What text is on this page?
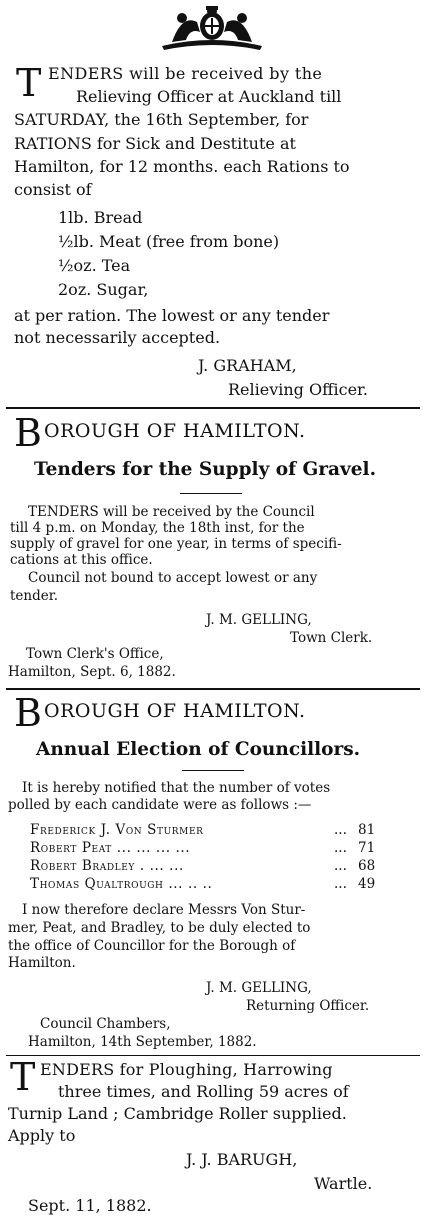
T ENDERS will be received by the
Relieving Officer at Auckland till
SATURDAY, the 16th September, for
RATIONS for Sick and Destitute at
Hamilton, for 12 months. each Rations to
consist of
1lb. Bread
½lb. Meat (free from bone)
½oz. Tea
2oz. Sugar,
at per ration. The lowest or any tender
not necessarily accepted.
J. GRAHAM,
Relieving Officer.
B OROUGH OF HAMILTON.
Tenders for the Supply of Gravel.
TENDERS will be received by the Council
till 4 p.m. on Monday, the 18th inst, for the
supply of gravel for one year, in terms of specifi-
cations at this office.
Council not bound to accept lowest or any
tender.
J. M. GELLING,
Town Clerk.
Town Clerk's Office,
Hamilton, Sept. 6, 1882.
B OROUGH OF HAMILTON.
Annual Election of Councillors.
It is hereby notified that the number of votes
polled by each candidate were as follows :—
Frederick J. Von Sturmer	... 81
Robert Peat ... ... ... ...	... 71
Robert Bradley . ... ...	... 68
Thomas Qualtrough ... .. ..	... 49
I now therefore declare Messrs Von Stur-
mer, Peat, and Bradley, to be duly elected to
the office of Councillor for the Borough of
Hamilton.
J. M. GELLING,
Returning Officer.
Council Chambers,
Hamilton, 14th September, 1882.
T ENDERS for Ploughing, Harrowing
three times, and Rolling 59 acres of
Turnip Land ; Cambridge Roller supplied.
Apply to
J. J. BARUGH,
Wartle.
Sept. 11, 1882.
